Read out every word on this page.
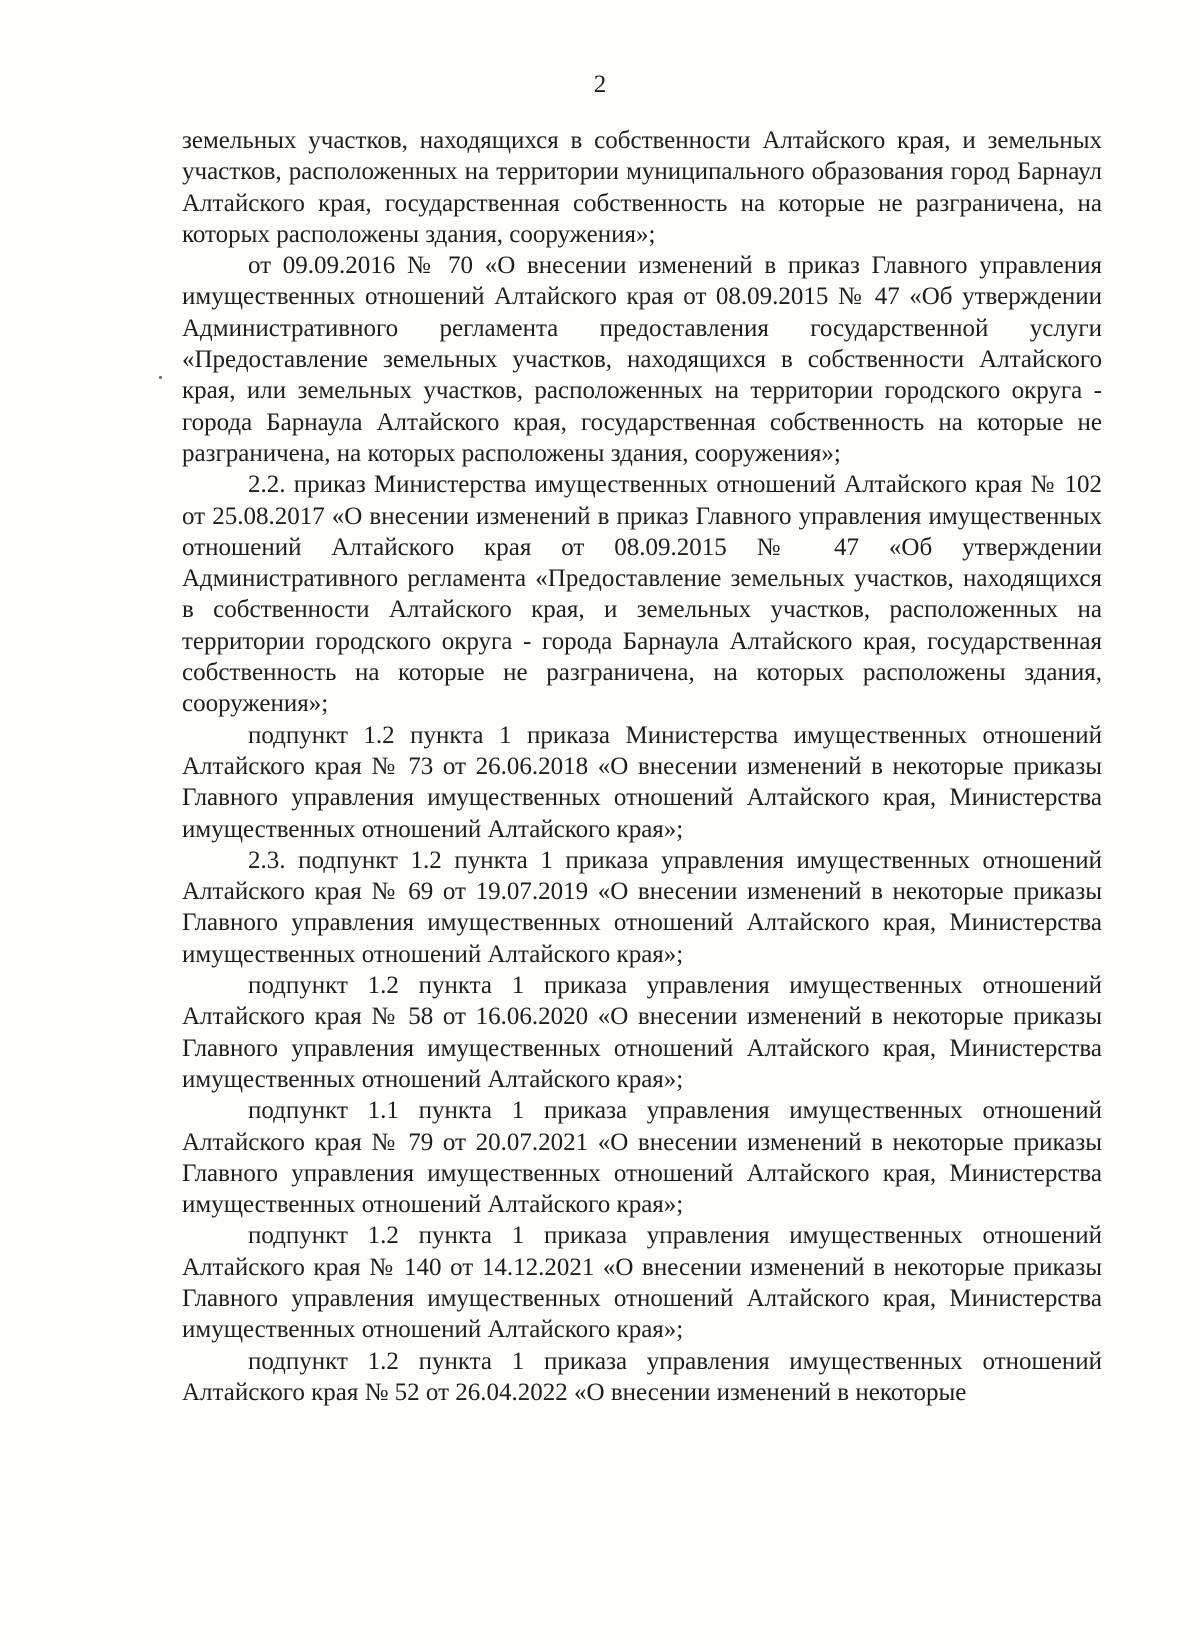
2

земельных участков, находящихся в собственности Алтайского края, и земельных участков, расположенных на территории муниципального образования город Барнаул Алтайского края, государственная собственность на которые не разграничена, на которых расположены здания, сооружения»;

от 09.09.2016 № 70 «О внесении изменений в приказ Главного управления имущественных отношений Алтайского края от 08.09.2015 № 47 «Об утверждении Административного регламента предоставления государственной услуги «Предоставление земельных участков, находящихся в собственности Алтайского края, или земельных участков, расположенных на территории городского округа - города Барнаула Алтайского края, государственная собственность на которые не разграничена, на которых расположены здания, сооружения»;

2.2. приказ Министерства имущественных отношений Алтайского края № 102 от 25.08.2017 «О внесении изменений в приказ Главного управления имущественных отношений Алтайского края от 08.09.2015 № 47 «Об утверждении Административного регламента «Предоставление земельных участков, находящихся в собственности Алтайского края, и земельных участков, расположенных на территории городского округа - города Барнаула Алтайского края, государственная собственность на которые не разграничена, на которых расположены здания, сооружения»;

подпункт 1.2 пункта 1 приказа Министерства имущественных отношений Алтайского края № 73 от 26.06.2018 «О внесении изменений в некоторые приказы Главного управления имущественных отношений Алтайского края, Министерства имущественных отношений Алтайского края»;

2.3. подпункт 1.2 пункта 1 приказа управления имущественных отношений Алтайского края № 69 от 19.07.2019 «О внесении изменений в некоторые приказы Главного управления имущественных отношений Алтайского края, Министерства имущественных отношений Алтайского края»;

подпункт 1.2 пункта 1 приказа управления имущественных отношений Алтайского края № 58 от 16.06.2020 «О внесении изменений в некоторые приказы Главного управления имущественных отношений Алтайского края, Министерства имущественных отношений Алтайского края»;

подпункт 1.1 пункта 1 приказа управления имущественных отношений Алтайского края № 79 от 20.07.2021 «О внесении изменений в некоторые приказы Главного управления имущественных отношений Алтайского края, Министерства имущественных отношений Алтайского края»;

подпункт 1.2 пункта 1 приказа управления имущественных отношений Алтайского края № 140 от 14.12.2021 «О внесении изменений в некоторые приказы Главного управления имущественных отношений Алтайского края, Министерства имущественных отношений Алтайского края»;

подпункт 1.2 пункта 1 приказа управления имущественных отношений Алтайского края № 52 от 26.04.2022 «О внесении изменений в некоторые
